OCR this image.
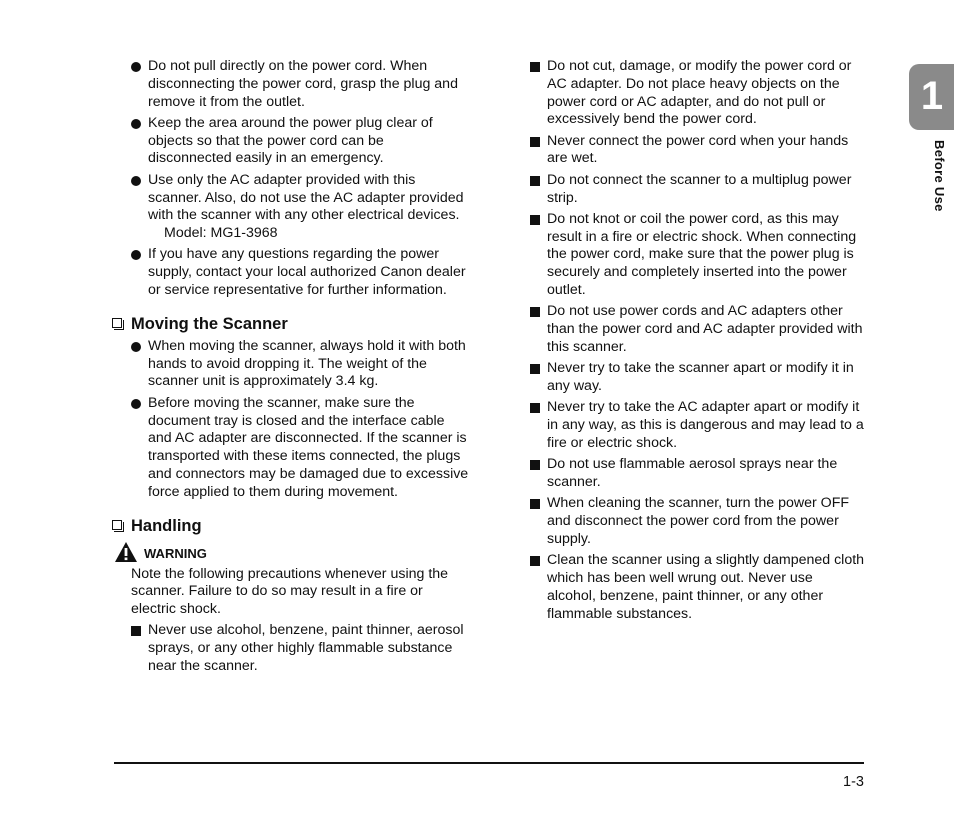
Do not pull directly on the power cord. When disconnecting the power cord, grasp the plug and remove it from the outlet.
Keep the area around the power plug clear of objects so that the power cord can be disconnected easily in an emergency.
Use only the AC adapter provided with this scanner. Also, do not use the AC adapter provided with the scanner with any other electrical devices.
Model: MG1-3968
If you have any questions regarding the power supply, contact your local authorized Canon dealer or service representative for further information.
Moving the Scanner
When moving the scanner, always hold it with both hands to avoid dropping it. The weight of the scanner unit is approximately 3.4 kg.
Before moving the scanner, make sure the document tray is closed and the interface cable and AC adapter are disconnected. If the scanner is transported with these items connected, the plugs and connectors may be damaged due to excessive force applied to them during movement.
Handling
WARNING
Note the following precautions whenever using the scanner. Failure to do so may result in a fire or electric shock.
Never use alcohol, benzene, paint thinner, aerosol sprays, or any other highly flammable substance near the scanner.
Do not cut, damage, or modify the power cord or AC adapter. Do not place heavy objects on the power cord or AC adapter, and do not pull or excessively bend the power cord.
Never connect the power cord when your hands are wet.
Do not connect the scanner to a multiplug power strip.
Do not knot or coil the power cord, as this may result in a fire or electric shock. When connecting the power cord, make sure that the power plug is securely and completely inserted into the power outlet.
Do not use power cords and AC adapters other than the power cord and AC adapter provided with this scanner.
Never try to take the scanner apart or modify it in any way.
Never try to take the AC adapter apart or modify it in any way, as this is dangerous and may lead to a fire or electric shock.
Do not use flammable aerosol sprays near the scanner.
When cleaning the scanner, turn the power OFF and disconnect the power cord from the power supply.
Clean the scanner using a slightly dampened cloth which has been well wrung out. Never use alcohol, benzene, paint thinner, or any other flammable substances.
1
Before Use
1-3
